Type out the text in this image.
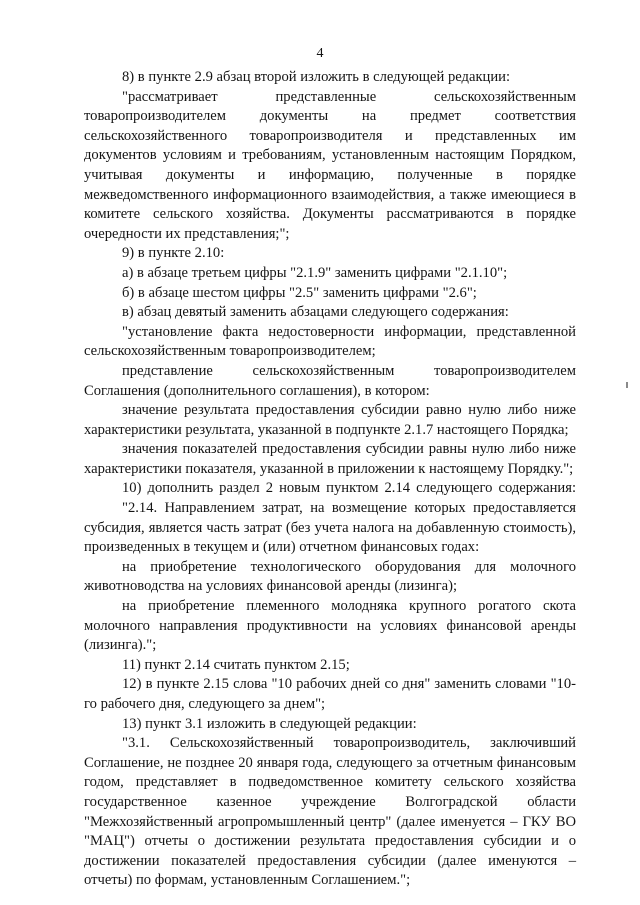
4

8) в пункте 2.9 абзац второй изложить в следующей редакции:

"рассматривает представленные сельскохозяйственным товаропроизводителем документы на предмет соответствия сельскохозяйственного товаропроизводителя и представленных им документов условиям и требованиям, установленным настоящим Порядком, учитывая документы и информацию, полученные в порядке межведомственного информационного взаимодействия, а также имеющиеся в комитете сельского хозяйства. Документы рассматриваются в порядке очередности их представления;";

9) в пункте 2.10:

а) в абзаце третьем цифры "2.1.9" заменить цифрами "2.1.10";

б) в абзаце шестом цифры "2.5" заменить цифрами "2.6";

в) абзац девятый заменить абзацами следующего содержания:

"установление факта недостоверности информации, представленной сельскохозяйственным товаропроизводителем;

представление сельскохозяйственным товаропроизводителем Соглашения (дополнительного соглашения), в котором:

значение результата предоставления субсидии равно нулю либо ниже характеристики результата, указанной в подпункте 2.1.7 настоящего Порядка;

значения показателей предоставления субсидии равны нулю либо ниже характеристики показателя, указанной в приложении к настоящему Порядку.";

10) дополнить раздел 2 новым пунктом 2.14 следующего содержания:

"2.14. Направлением затрат, на возмещение которых предоставляется субсидия, является часть затрат (без учета налога на добавленную стоимость), произведенных в текущем и (или) отчетном финансовых годах:

на приобретение технологического оборудования для молочного животноводства на условиях финансовой аренды (лизинга);

на приобретение племенного молодняка крупного рогатого скота молочного направления продуктивности на условиях финансовой аренды (лизинга).";

11) пункт 2.14 считать пунктом 2.15;

12) в пункте 2.15 слова "10 рабочих дней со дня" заменить словами "10-го рабочего дня, следующего за днем";

13) пункт 3.1 изложить в следующей редакции:

"3.1. Сельскохозяйственный товаропроизводитель, заключивший Соглашение, не позднее 20 января года, следующего за отчетным финансовым годом, представляет в подведомственное комитету сельского хозяйства государственное казенное учреждение Волгоградской области "Межхозяйственный агропромышленный центр" (далее именуется – ГКУ ВО "МАЦ") отчеты о достижении результата предоставления субсидии и о достижении показателей предоставления субсидии (далее именуются – отчеты) по формам, установленным Соглашением.";
